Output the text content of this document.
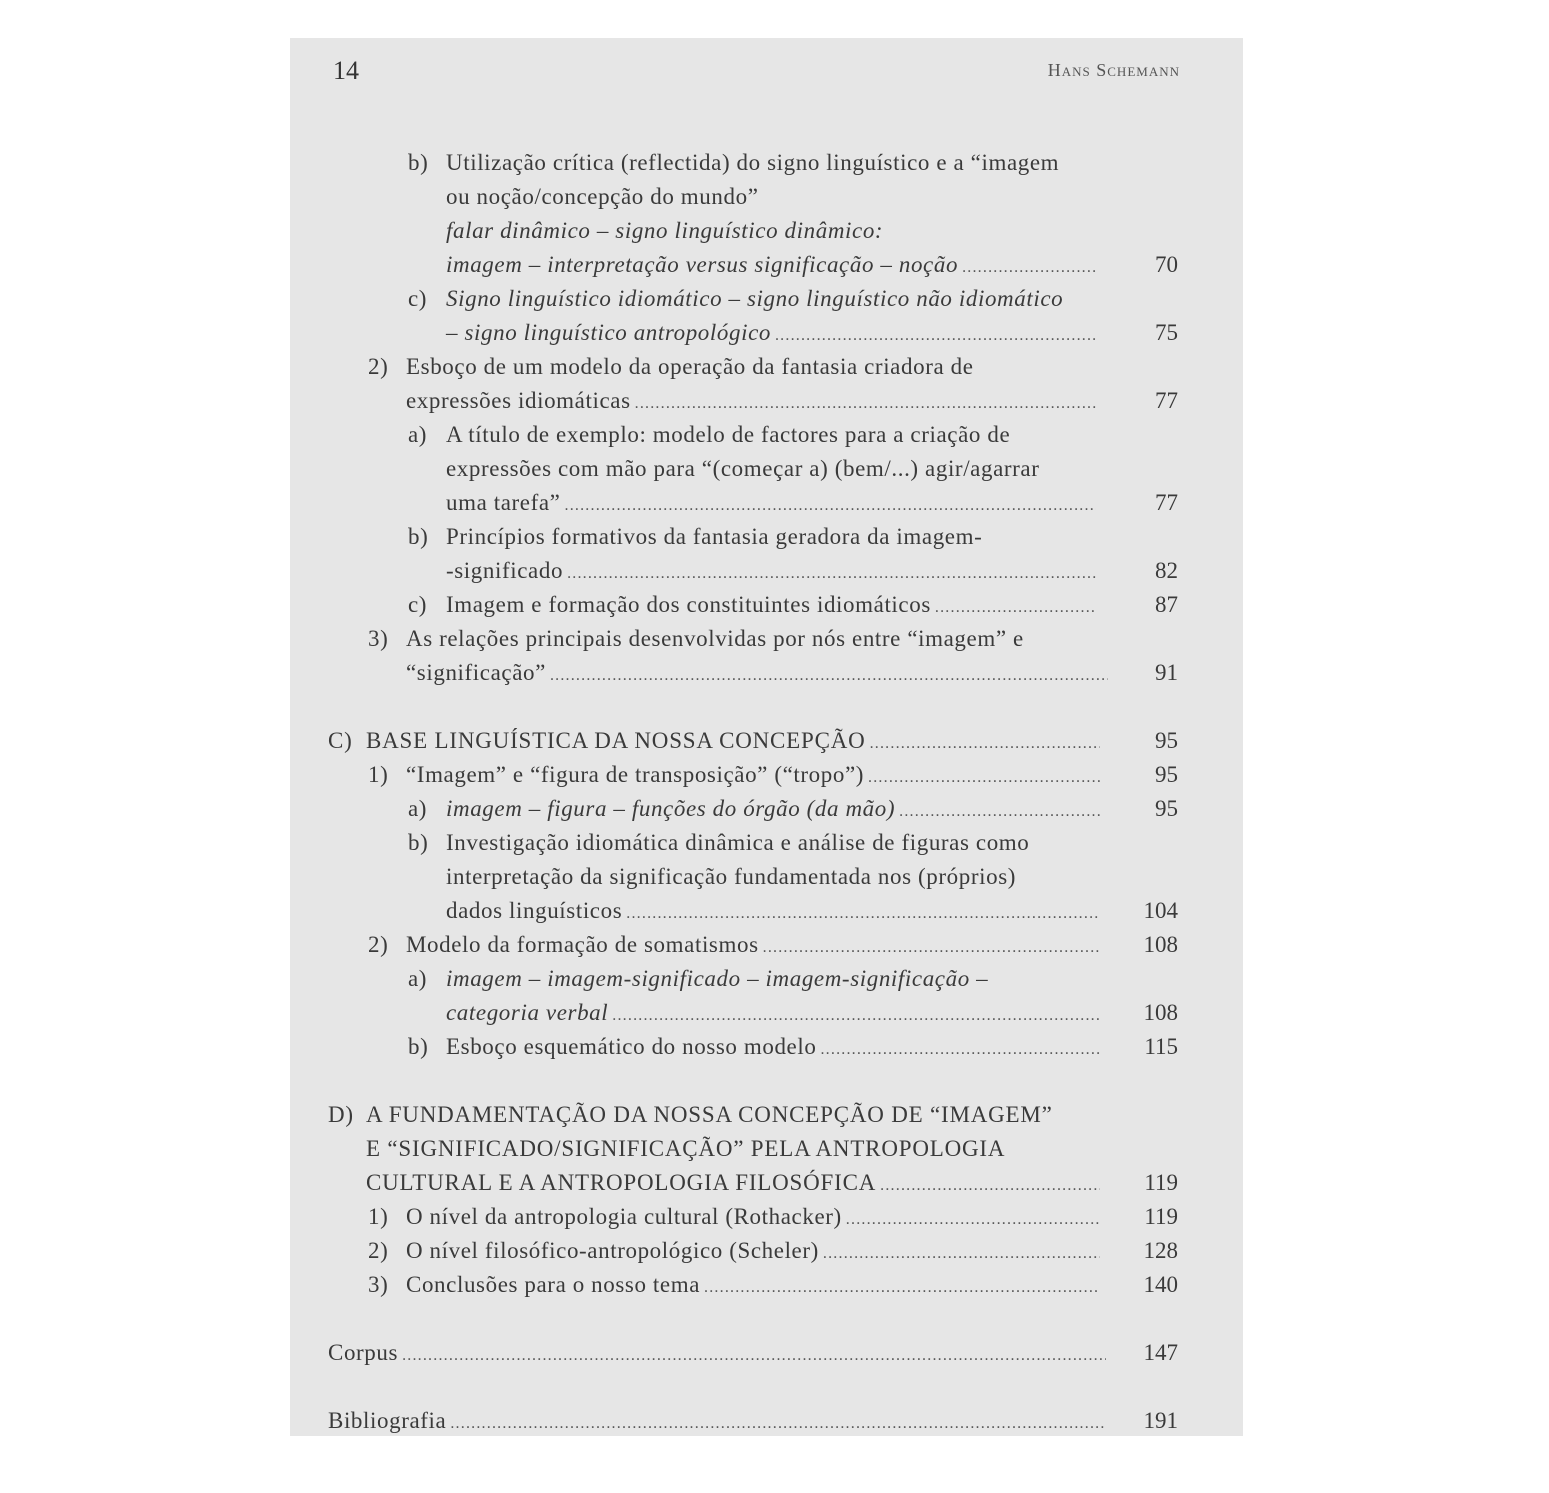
14	Hans Schemann
b) Utilização crítica (reflectida) do signo linguístico e a “imagem
ou noção/concepção do mundo”
falar dinâmico – signo linguístico dinâmico:
imagem – interpretação versus significação – noção .....	70
c) Signo linguístico idiomático – signo linguístico não idiomático
– signo linguístico antropológico .....	75
2) Esboço de um modelo da operação da fantasia criadora de
expressões idiomáticas .....	77
a) A título de exemplo: modelo de factores para a criação de
expressões com mão para “(começar a) (bem/...) agir/agarrar
uma tarefa” .....	77
b) Princípios formativos da fantasia geradora da imagem-
-significado .....	82
c) Imagem e formação dos constituintes idiomáticos .....	87
3) As relações principais desenvolvidas por nós entre “imagem” e
“significação” .....	91
C) BASE LINGUÍSTICA DA NOSSA CONCEPÇÃO .....	95
1) “Imagem” e “figura de transposição” (“tropo”) .....	95
a) imagem – figura – funções do órgão (da mão) .....	95
b) Investigação idiomática dinâmica e análise de figuras como
interpretação da significação fundamentada nos (próprios)
dados linguísticos .....	104
2) Modelo da formação de somatismos .....	108
a) imagem – imagem-significado – imagem-significação –
categoria verbal .....	108
b) Esboço esquemático do nosso modelo .....	115
D) A FUNDAMENTAÇÃO DA NOSSA CONCEPÇÃO DE “IMAGEM”
E “SIGNIFICADO/SIGNIFICAÇÃO” PELA ANTROPOLOGIA
CULTURAL E A ANTROPOLOGIA FILOSÓFICA .....	119
1) O nível da antropologia cultural (Rothacker) .....	119
2) O nível filosófico-antropológico (Scheler) .....	128
3) Conclusões para o nosso tema .....	140
Corpus .....	147
Bibliografia .....	191
